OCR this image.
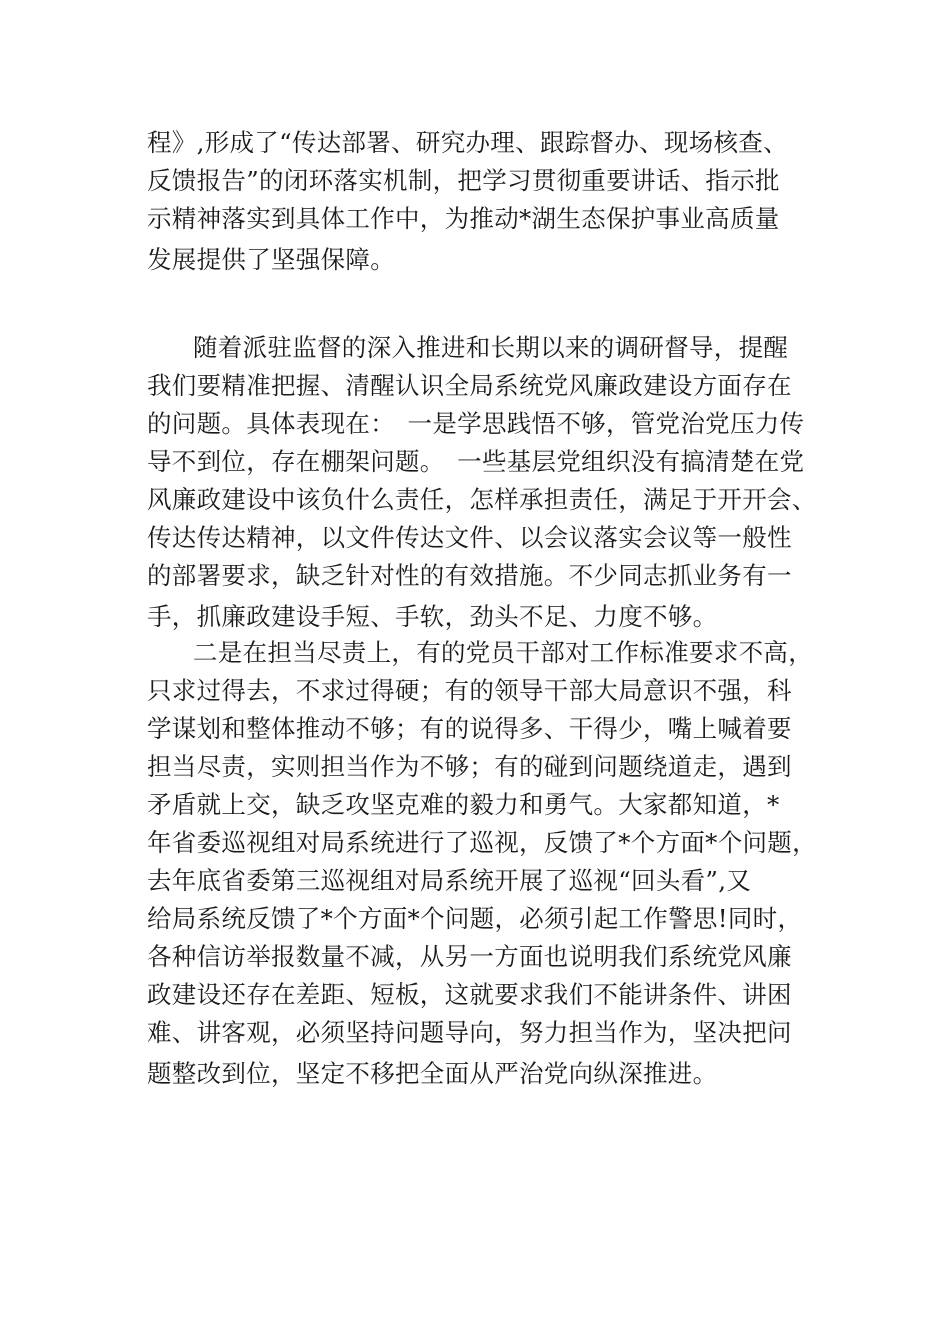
程》,形成了“传达部署、研究办理、跟踪督办、现场核查、
反馈报告”的闭环落实机制，把学习贯彻重要讲话、指示批
示精神落实到具体工作中，为推动*湖生态保护事业高质量
发展提供了坚强保障。
随着派驻监督的深入推进和长期以来的调研督导，提醒
我们要精准把握、清醒认识全局系统党风廉政建设方面存在
的问题。具体表现在：　一是学思践悟不够，管党治党压力传
导不到位，存在棚架问题。　一些基层党组织没有搞清楚在党
风廉政建设中该负什么责任，怎样承担责任，满足于开开会、
传达传达精神，以文件传达文件、以会议落实会议等一般性
的部署要求，缺乏针对性的有效措施。不少同志抓业务有一
手，抓廉政建设手短、手软，劲头不足、力度不够。
二是在担当尽责上，有的党员干部对工作标准要求不高，
只求过得去，不求过得硬；有的领导干部大局意识不强，科
学谋划和整体推动不够；有的说得多、干得少，嘴上喊着要
担当尽责，实则担当作为不够；有的碰到问题绕道走，遇到
矛盾就上交，缺乏攻坚克难的毅力和勇气。大家都知道，*
年省委巡视组对局系统进行了巡视，反馈了*个方面*个问题，
去年底省委第三巡视组对局系统开展了巡视“回头看”,又
给局系统反馈了*个方面*个问题，必须引起工作警思!同时，
各种信访举报数量不减，从另一方面也说明我们系统党风廉
政建设还存在差距、短板，这就要求我们不能讲条件、讲困
难、讲客观，必须坚持问题导向，努力担当作为，坚决把问
题整改到位，坚定不移把全面从严治党向纵深推进。
